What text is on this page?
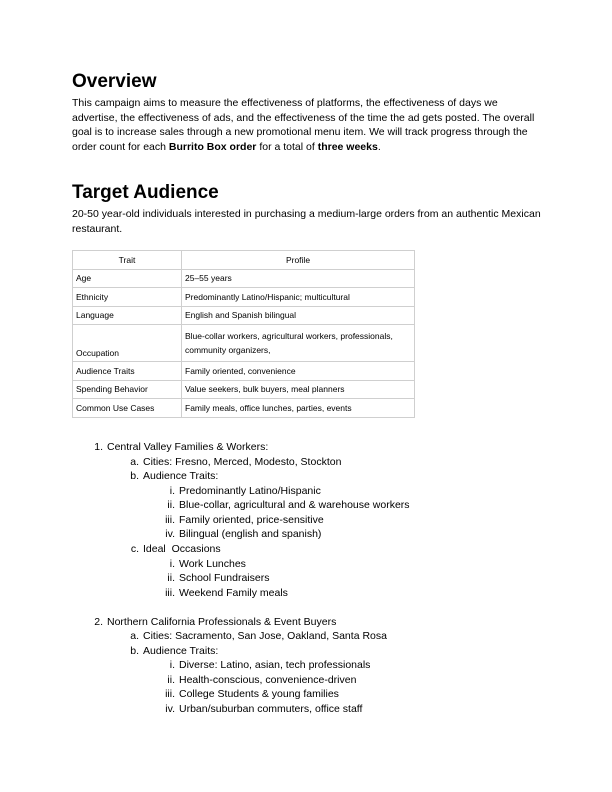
Overview

This campaign aims to measure the effectiveness of platforms, the effectiveness of days we advertise, the effectiveness of ads, and the effectiveness of the time the ad gets posted. The overall goal is to increase sales through a new promotional menu item. We will track progress through the order count for each Burrito Box order for a total of three weeks.

Target Audience

20-50 year-old individuals interested in purchasing a medium-large orders from an authentic Mexican restaurant.

Trait	Profile
Age	25–55 years
Ethnicity	Predominantly Latino/Hispanic; multicultural
Language	English and Spanish bilingual
Occupation	Blue-collar workers, agricultural workers, professionals, community organizers,
Audience Traits	Family oriented, convenience
Spending Behavior	Value seekers, bulk buyers, meal planners
Common Use Cases	Family meals, office lunches, parties, events
1. Central Valley Families & Workers:
a. Cities: Fresno, Merced, Modesto, Stockton
b. Audience Traits:
i. Predominantly Latino/Hispanic
ii. Blue-collar, agricultural and & warehouse workers
iii. Family oriented, price-sensitive
iv. Bilingual (english and spanish)
c. Ideal  Occasions
i. Work Lunches
ii. School Fundraisers
iii. Weekend Family meals
2. Northern California Professionals & Event Buyers
a. Cities: Sacramento, San Jose, Oakland, Santa Rosa
b. Audience Traits:
i. Diverse: Latino, asian, tech professionals
ii. Health-conscious, convenience-driven
iii. College Students & young families
iv. Urban/suburban commuters, office staff
